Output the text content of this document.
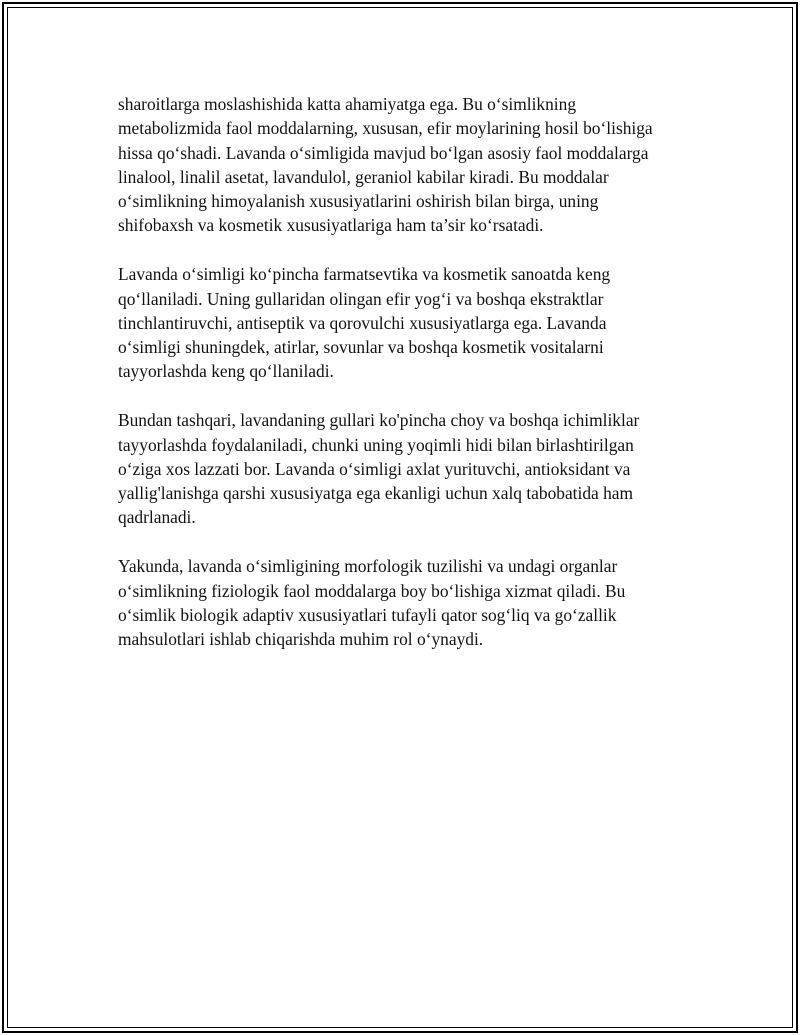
sharoitlarga moslashishida katta ahamiyatga ega. Bu o‘simlikning
metabolizmida faol moddalarning, xususan, efir moylarining hosil bo‘lishiga
hissa qo‘shadi. Lavanda o‘simligida mavjud bo‘lgan asosiy faol moddalarga
linalool, linalil asetat, lavandulol, geraniol kabilar kiradi. Bu moddalar
o‘simlikning himoyalanish xususiyatlarini oshirish bilan birga, uning
shifobaxsh va kosmetik xususiyatlariga ham ta’sir ko‘rsatadi.

Lavanda o‘simligi ko‘pincha farmatsevtika va kosmetik sanoatda keng
qo‘llaniladi. Uning gullaridan olingan efir yog‘i va boshqa ekstraktlar
tinchlantiruvchi, antiseptik va qorovulchi xususiyatlarga ega. Lavanda
o‘simligi shuningdek, atirlar, sovunlar va boshqa kosmetik vositalarni
tayyorlashda keng qo‘llaniladi.

Bundan tashqari, lavandaning gullari ko'pincha choy va boshqa ichimliklar
tayyorlashda foydalaniladi, chunki uning yoqimli hidi bilan birlashtirilgan
o‘ziga xos lazzati bor. Lavanda o‘simligi axlat yurituvchi, antioksidant va
yallig'lanishga qarshi xususiyatga ega ekanligi uchun xalq tabobatida ham
qadrlanadi.

Yakunda, lavanda o‘simligining morfologik tuzilishi va undagi organlar
o‘simlikning fiziologik faol moddalarga boy bo‘lishiga xizmat qiladi. Bu
o‘simlik biologik adaptiv xususiyatlari tufayli qator sog‘liq va go‘zallik
mahsulotlari ishlab chiqarishda muhim rol o‘ynaydi.
